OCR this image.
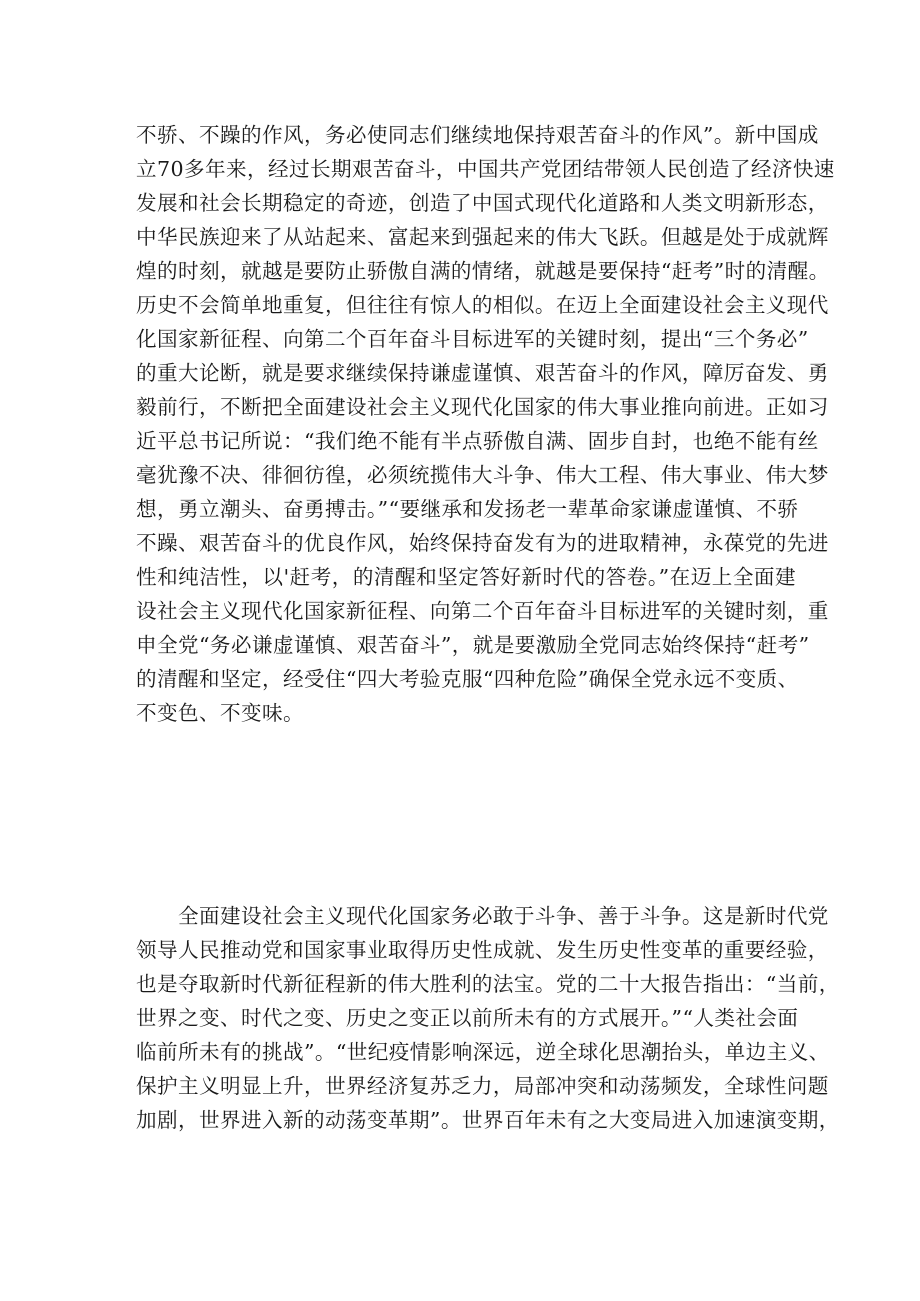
不骄、不躁的作风，务必使同志们继续地保持艰苦奋斗的作风”。新中国成
立70多年来，经过长期艰苦奋斗，中国共产党团结带领人民创造了经济快速
发展和社会长期稳定的奇迹，创造了中国式现代化道路和人类文明新形态，
中华民族迎来了从站起来、富起来到强起来的伟大飞跃。但越是处于成就辉
煌的时刻，就越是要防止骄傲自满的情绪，就越是要保持“赶考”时的清醒。
历史不会简单地重复，但往往有惊人的相似。在迈上全面建设社会主义现代
化国家新征程、向第二个百年奋斗目标进军的关键时刻，提出“三个务必”
的重大论断，就是要求继续保持谦虚谨慎、艰苦奋斗的作风，障厉奋发、勇
毅前行，不断把全面建设社会主义现代化国家的伟大事业推向前进。正如习
近平总书记所说：“我们绝不能有半点骄傲自满、固步自封，也绝不能有丝
毫犹豫不决、徘徊彷徨，必须统揽伟大斗争、伟大工程、伟大事业、伟大梦
想，勇立潮头、奋勇搏击。”“要继承和发扬老一辈革命家谦虚谨慎、不骄
不躁、艰苦奋斗的优良作风，始终保持奋发有为的进取精神，永葆党的先进
性和纯洁性，以'赶考，的清醒和坚定答好新时代的答卷。”在迈上全面建
设社会主义现代化国家新征程、向第二个百年奋斗目标进军的关键时刻，重
申全党“务必谦虚谨慎、艰苦奋斗”，就是要激励全党同志始终保持“赶考”
的清醒和坚定，经受住“四大考验克服“四种危险”确保全党永远不变质、
不变色、不变味。
全面建设社会主义现代化国家务必敢于斗争、善于斗争。这是新时代党
领导人民推动党和国家事业取得历史性成就、发生历史性变革的重要经验，
也是夺取新时代新征程新的伟大胜利的法宝。党的二十大报告指出：“当前，
世界之变、时代之变、历史之变正以前所未有的方式展开。”“人类社会面
临前所未有的挑战”。“世纪疫情影响深远，逆全球化思潮抬头，单边主义、
保护主义明显上升，世界经济复苏乏力，局部冲突和动荡频发，全球性问题
加剧，世界进入新的动荡变革期”。世界百年未有之大变局进入加速演变期，
